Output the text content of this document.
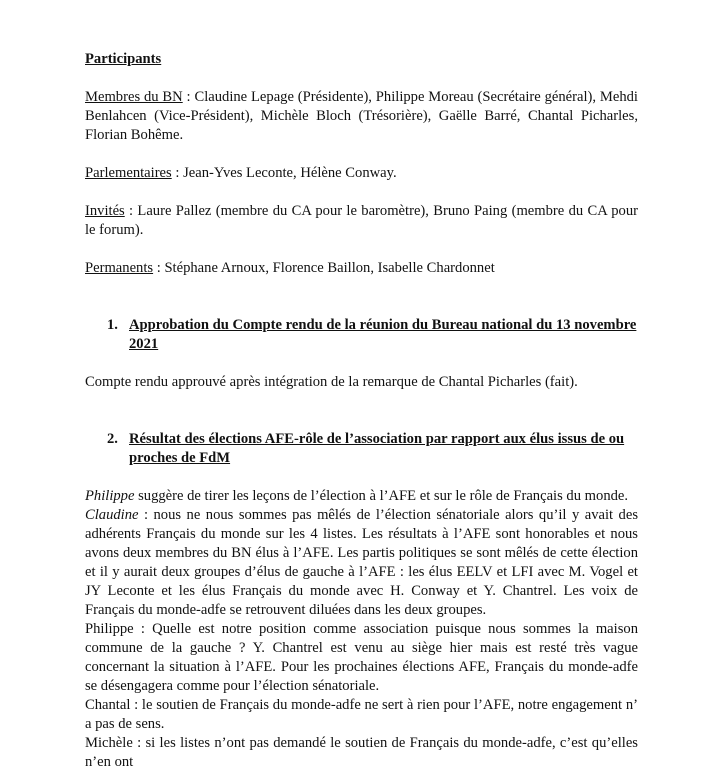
Participants

Membres du BN : Claudine Lepage (Présidente), Philippe Moreau (Secrétaire général), Mehdi Benlahcen (Vice-Président), Michèle Bloch (Trésorière), Gaëlle Barré, Chantal Picharles, Florian Bohême.

Parlementaires : Jean-Yves Leconte, Hélène Conway.

Invités : Laure Pallez (membre du CA pour le baromètre), Bruno Paing (membre du CA pour le forum).

Permanents : Stéphane Arnoux, Florence Baillon, Isabelle Chardonnet

1. Approbation du Compte rendu de la réunion du Bureau national du 13 novembre 2021

Compte rendu approuvé après intégration de la remarque de Chantal Picharles (fait).

2. Résultat des élections AFE-rôle de l’association par rapport aux élus issus de ou proches de FdM

Philippe suggère de tirer les leçons de l’élection à l’AFE et sur le rôle de Français du monde.

Claudine : nous ne nous sommes pas mêlés de l’élection sénatoriale alors qu’il y avait des adhérents Français du monde sur les 4 listes. Les résultats à l’AFE sont honorables et nous avons deux membres du BN élus à l’AFE. Les partis politiques se sont mêlés de cette élection et il y aurait deux groupes d’élus de gauche à l’AFE : les élus EELV et LFI avec M. Vogel et JY Leconte et les élus Français du monde avec H. Conway et Y. Chantrel. Les voix de Français du monde-adfe se retrouvent diluées dans les deux groupes.

Philippe : Quelle est notre position comme association puisque nous sommes la maison commune de la gauche ? Y. Chantrel est venu au siège hier mais est resté très vague concernant la situation à l’AFE. Pour les prochaines élections AFE, Français du monde-adfe se désengagera comme pour l’élection sénatoriale.

Chantal : le soutien de Français du monde-adfe ne sert à rien pour l’AFE, notre engagement n’ a pas de sens.

Michèle : si les listes n’ont pas demandé le soutien de Français du monde-adfe, c’est qu’elles n’en ont
